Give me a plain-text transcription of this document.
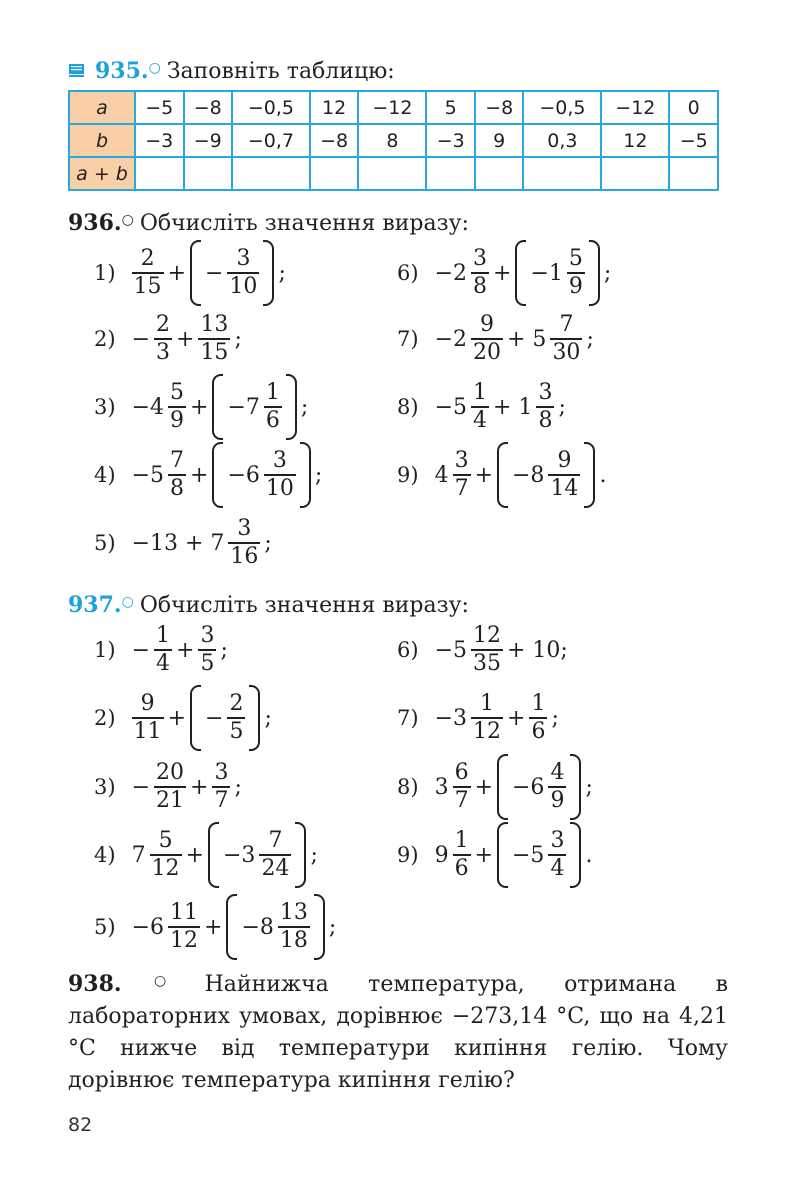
935.○ Заповніть таблицю:
a	−5	−8	−0,5	12	−12	5	−8	−0,5	−12	0
b	−3	−9	−0,7	−8	8	−3	9	0,3	12	−5
a + b										
936.○ Обчисліть значення виразу:
$1) \frac{2}{15}$ + − $\frac{3}{10}$ ;
$2) - \frac{2}{3} + \frac{13}{15}$ ;
$3) -4 \frac{5}{9} + -7 \frac{1}{6}$ ;
$4) -5 \frac{7}{8} + -6 \frac{3}{10}$ ;
$5) -13 + 7 \frac{3}{16}$ ;
$6) -2 \frac{3}{8} + -1 \frac{5}{9}$ ;
$7) -2 \frac{9}{20} + 5 \frac{7}{30}$ ;
$8) -5 \frac{1}{4} + 1 \frac{3}{8}$ ;
9) $4 \frac{3}{7} + -8 \frac{9}{14}$ .
937.○ Обчисліть значення виразу:
$1) - \frac{1}{4} + \frac{3}{5}$ ;
$2) \frac{9}{11}$ + − $\frac{2}{5}$ ;
$3) - \frac{20}{21} + \frac{3}{7}$ ;
4) $7 \frac{5}{12} + -3 \frac{7}{24}$ ;
$5) -6 \frac{11}{12} + -8 \frac{13}{18}$ ;
$6) -5 \frac{12}{35} + 10$;
$7) -3 \frac{1}{12} + \frac{1}{6}$ ;
8) $3 \frac{6}{7} + -6 \frac{4}{9}$ ;
9) $9 \frac{1}{6} + -5 \frac{3}{4}$ .
938.○ Найнижча температура, отримана в лабораторних умовах, дорівнює −273,14 °C, що на 4,21 °C нижче від температури кипіння гелію. Чому дорівнює температура кипіння гелію?
82
